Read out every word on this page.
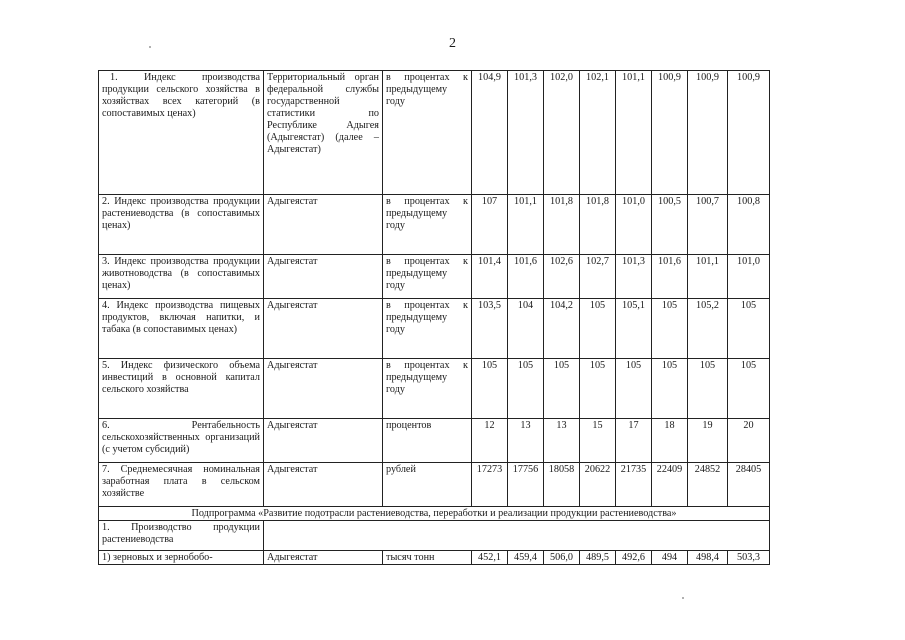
2
1. Индекс производства продукции сельского хозяйства в хозяйствах всех категорий (в сопоставимых ценах)	Территориальный орган федеральной службы государственной статистики по Республике Адыгея (Адыгеястат) (далее – Адыгеястат)	в процентах к предыдущему году	104,9	101,3	102,0	102,1	101,1	100,9	100,9	100,9
2. Индекс производства продукции растениеводства (в сопоставимых ценах)	Адыгеястат	в процентах к предыдущему году	107	101,1	101,8	101,8	101,0	100,5	100,7	100,8
3. Индекс производства продукции животноводства (в сопоставимых ценах)	Адыгеястат	в процентах к предыдущему году	101,4	101,6	102,6	102,7	101,3	101,6	101,1	101,0
4. Индекс производства пищевых продуктов, включая напитки, и табака (в сопоставимых ценах)	Адыгеястат	в процентах к предыдущему году	103,5	104	104,2	105	105,1	105	105,2	105
5. Индекс физического объема инвестиций в основной капитал сельского хозяйства	Адыгеястат	в процентах к предыдущему году	105	105	105	105	105	105	105	105
6. Рентабельность сельскохозяйственных организаций (с учетом субсидий)	Адыгеястат	процентов	12	13	13	15	17	18	19	20
7. Среднемесячная номинальная заработная плата в сельском хозяйстве	Адыгеястат	рублей	17273	17756	18058	20622	21735	22409	24852	28405
Подпрограмма «Развитие подотрасли растениеводства, переработки и реализации продукции растениеводства»										
1. Производство продукции растениеводства										
1) зерновых и зернобобо-	Адыгеястат	тысяч тонн	452,1	459,4	506,0	489,5	492,6	494	498,4	503,3
